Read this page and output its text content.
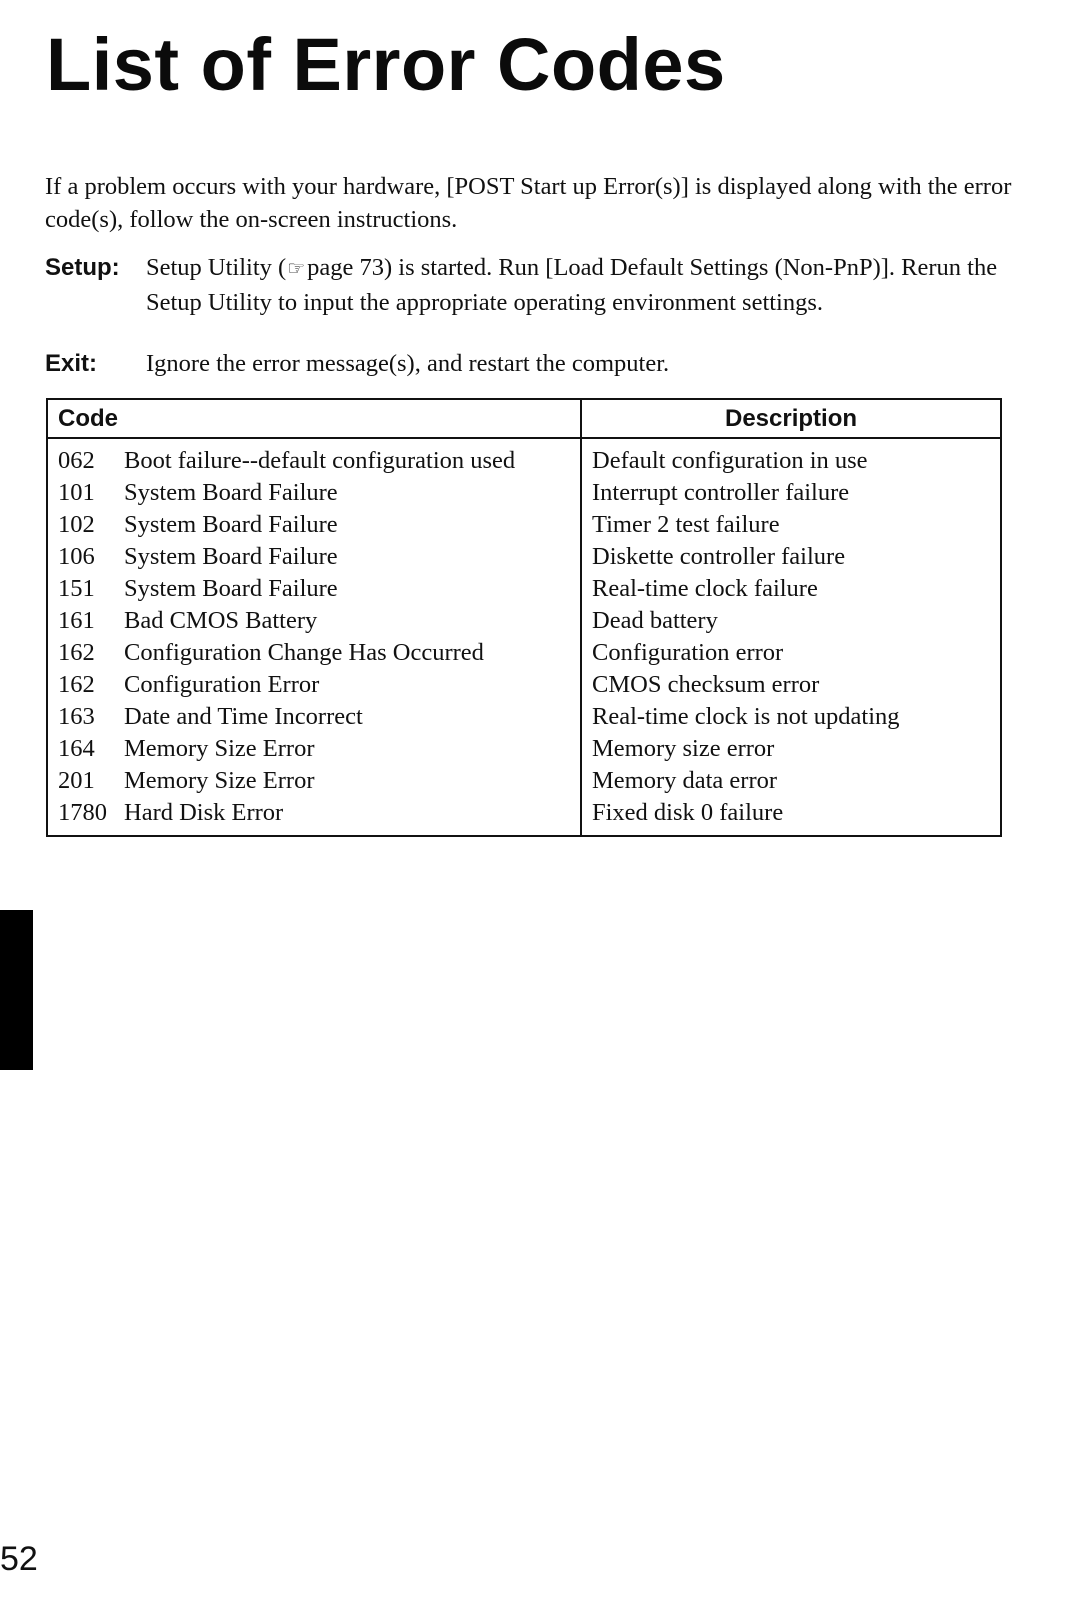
List of Error Codes

If a problem occurs with your hardware, [POST Start up Error(s)] is displayed along with the error code(s), follow the on-screen instructions.

Setup: Setup Utility (☞page 73) is started. Run [Load Default Settings (Non-PnP)]. Rerun the Setup Utility to input the appropriate operating environment settings.
Exit: Ignore the error message(s), and restart the computer.
Code	Description
062 Boot failure--default configuration used	Default configuration in use
101 System Board Failure	Interrupt controller failure
102 System Board Failure	Timer 2 test failure
106 System Board Failure	Diskette controller failure
151 System Board Failure	Real-time clock failure
161 Bad CMOS Battery	Dead battery
162 Configuration Change Has Occurred	Configuration error
162 Configuration Error	CMOS checksum error
163 Date and Time Incorrect	Real-time clock is not updating
164 Memory Size Error	Memory size error
201 Memory Size Error	Memory data error
1780 Hard Disk Error	Fixed disk 0 failure
52
